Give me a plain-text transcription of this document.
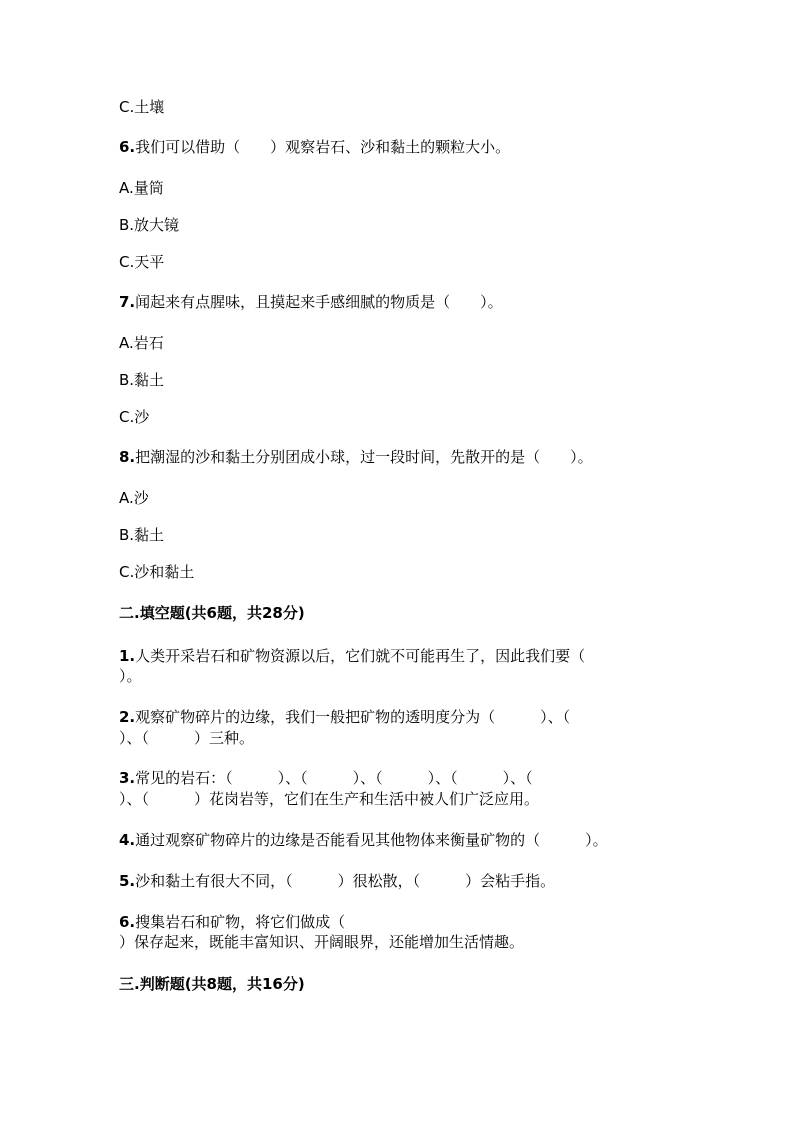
C.土壤

6.我们可以借助（　　）观察岩石、沙和黏土的颗粒大小。

A.量筒

B.放大镜

C.天平

7.闻起来有点腥味，且摸起来手感细腻的物质是（　　）。

A.岩石

B.黏土

C.沙

8.把潮湿的沙和黏土分别团成小球，过一段时间，先散开的是（　　）。

A.沙

B.黏土

C.沙和黏土

二.填空题(共6题，共28分)

1.人类开采岩石和矿物资源以后，它们就不可能再生了，因此我们要（

）。

2.观察矿物碎片的边缘，我们一般把矿物的透明度分为（　　　）、（

）、（　　　）三种。

3.常见的岩石：（　　　）、（　　　）、（　　　）、（　　　）、（

）、（　　　）花岗岩等，它们在生产和生活中被人们广泛应用。

4.通过观察矿物碎片的边缘是否能看见其他物体来衡量矿物的（　　　）。

5.沙和黏土有很大不同，（　　　）很松散，（　　　）会粘手指。

6.搜集岩石和矿物，将它们做成（

）保存起来，既能丰富知识、开阔眼界，还能增加生活情趣。

三.判断题(共8题，共16分)
